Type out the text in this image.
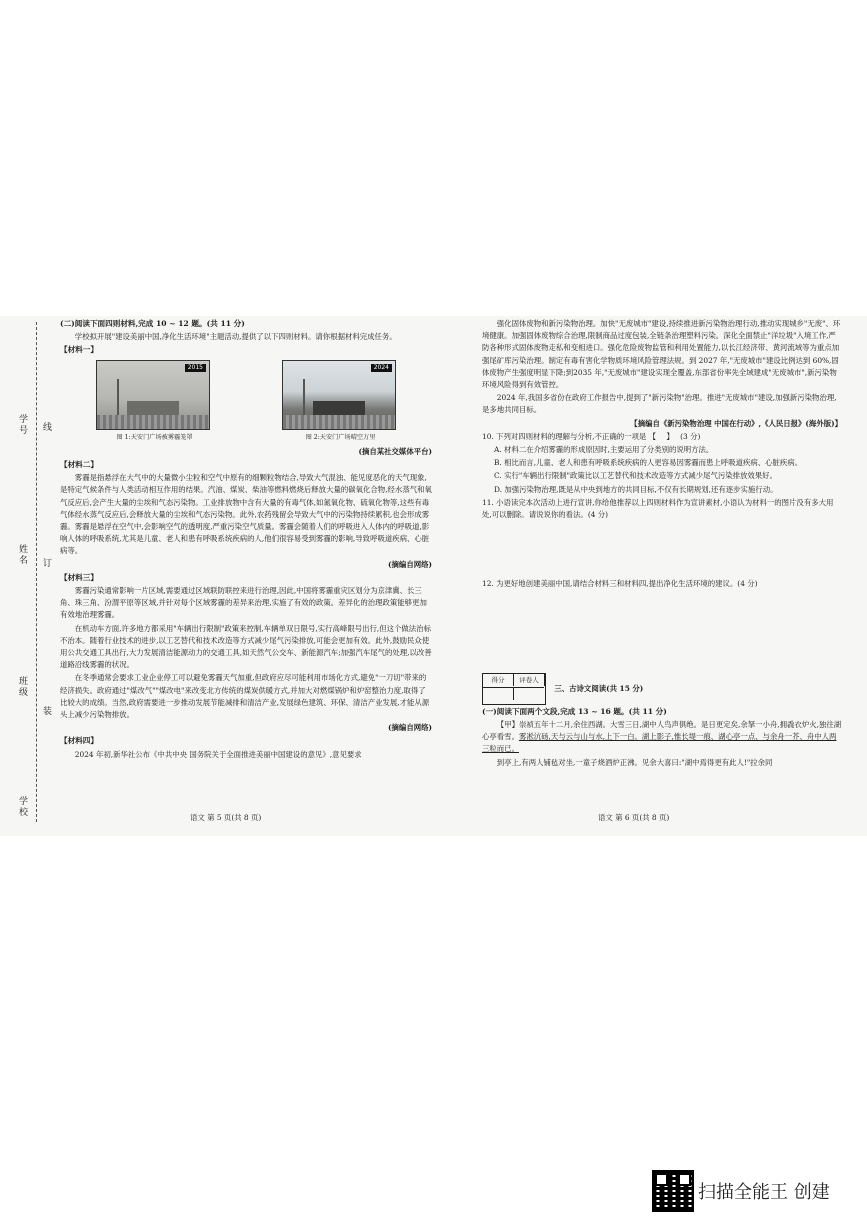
学号 线
姓名 订
班级
装
学校

(二)阅读下面四则材料,完成 10 ~ 12 题。(共 11 分)

学校拟开展"建设美丽中国,净化生活环境"主题活动,提供了以下四则材料。请你根据材料完成任务。

【材料一】

2015	2024
图 1:天安门广场被雾霾笼罩	图 2:天安门广场晴空万里

(摘自某社交媒体平台)

【材料二】

雾霾是指悬浮在大气中的大量微小尘粒和空气中原有的细颗粒物结合,导致大气混浊、能见度恶化的天气现象,是特定气候条件与人类活动相互作用的结果。汽油、煤炭、柴油等燃料燃烧后释放大量的碳氧化合物,经水蒸气和氧气反应后,会产生大量的尘埃和气态污染物。工业排放物中含有大量的有毒气体,如氮氧化物、硫氧化物等,这些有毒气体经水蒸气反应后,会释放大量的尘埃和气态污染物。此外,农药残留会导致大气中的污染物持续累积,也会形成雾霾。雾霾是悬浮在空气中,会影响空气的透明度,严重污染空气质量。雾霾会随着人们的呼吸进入人体内的呼吸道,影响人体的呼吸系统,尤其是儿童、老人和患有呼吸系统疾病的人,他们很容易受到雾霾的影响,导致呼吸道疾病、心脏病等。

(摘编自网络)

【材料三】

雾霾污染通常影响一片区域,需要通过区域联防联控来进行治理,因此,中国将雾霾重灾区划分为京津冀、长三角、珠三角、汾渭平原等区域,并针对每个区域雾霾的差异来治理,实施了有效的政策。差异化的治理政策能够更加有效地治理雾霾。

在机动车方面,许多地方都采用"车辆出行限制"政策来控制,车辆单双日限号,实行高峰限号出行,但这个做法治标不治本。随着行业技术的进步,以工艺替代和技术改造等方式减少尾气污染排放,可能会更加有效。此外,鼓励民众使用公共交通工具出行,大力发展清洁能源动力的交通工具,如天然气公交车、新能源汽车;加强汽车尾气的处理,以改善道路沿线雾霾的状况。

在冬季通常会要求工业企业停工可以避免雾霾天气加重,但政府应尽可能利用市场化方式,避免"一刀切"带来的经济损失。政府通过"煤改气""煤改电"来改变北方传统的煤炭供暖方式,并加大对燃煤锅炉和炉窑整治力度,取得了比较大的成绩。当然,政府需要进一步推动发展节能减排和清洁产业,发展绿色建筑、环保、清洁产业发展,才能从源头上减少污染物排放。

(摘编自网络)

【材料四】

2024 年初,新华社公布《中共中央 国务院关于全面推进美丽中国建设的意见》,意见要求

语文 第 5 页(共 8 页)

强化固体废物和新污染物治理。加快"无废城市"建设,持续推进新污染物治理行动,推动实现城乡"无废"、环境健康。加强固体废物综合治理,限制商品过度包装,全链条治理塑料污染。深化全面禁止"洋垃圾"入境工作,严防各种形式固体废物走私和变相进口。强化危险废物监管和利用处置能力,以长江经济带、黄河流域等为重点加强尾矿库污染治理。制定有毒有害化学物质环境风险管理法规。到 2027 年,"无废城市"建设比例达到 60%,固体废物产生强度明显下降;到2035 年,"无废城市"建设实现全覆盖,东部省份率先全域建成"无废城市",新污染物环境风险得到有效管控。

2024 年,我国多省份在政府工作报告中,提到了"新污染物"治理。推进"无废城市"建设,加强新污染物治理,是多地共同目标。

【摘编自《新污染物治理 中国在行动》,《人民日报》(海外版)】

10. 下列对四则材料的理解与分析,不正确的一项是 【 】 (3 分)

A. 材料二在介绍雾霾的形成原因时,主要运用了分类别的说明方法。

B. 相比而言,儿童、老人和患有呼吸系统疾病的人更容易因雾霾而患上呼吸道疾病、心脏疾病。

C. 实行"车辆出行限制"政策比以工艺替代和技术改造等方式减少尾气污染排放效果好。

D. 加强污染物治理,既是从中央到地方的共同目标,不仅有长期规划,还有逐步实施行动。

11. 小语读完本次活动上进行宣讲,你给他推荐以上四则材料作为宣讲素材,小语认为材料一的图片没有多大用处,可以删除。请说说你的看法。(4 分)

12. 为更好地创建美丽中国,请结合材料三和材料四,提出净化生活环境的建议。(4 分)

得分 评卷人
三、古诗文阅读(共 15 分)

(一)阅读下面两个文段,完成 13 ~ 16 题。(共 11 分)

【甲】崇祯五年十二月,余住西湖。大雪三日,湖中人鸟声俱绝。是日更定矣,余拏一小舟,拥毳衣炉火,独往湖心亭看雪。雾凇沆砀,天与云与山与水,上下一白。湖上影子,惟长堤一痕、湖心亭一点、与余舟一芥、舟中人两三粒而已。

到亭上,有两人铺毡对坐,一童子烧酒炉正沸。见余大喜曰:"湖中焉得更有此人!"拉余同

语文 第 6 页(共 8 页)
扫描全能王 创建
